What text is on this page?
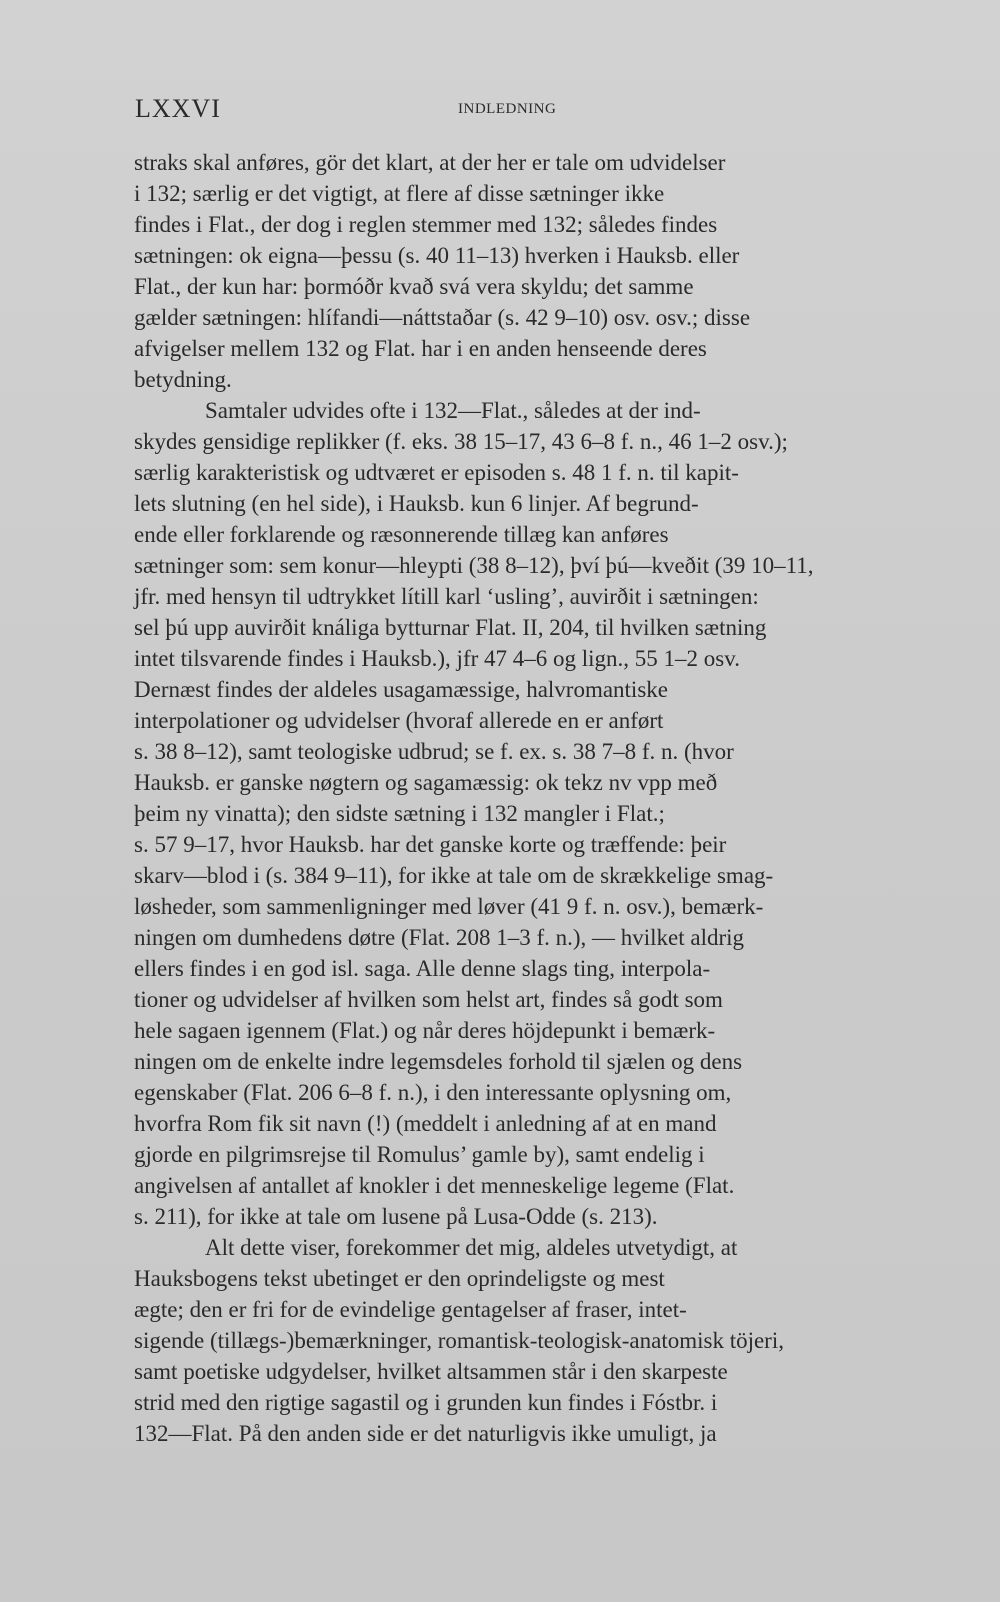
LXXVI	INDLEDNING
straks skal anføres, gör det klart, at der her er tale om udvidelser
i 132; særlig er det vigtigt, at flere af disse sætninger ikke
findes i Flat., der dog i reglen stemmer med 132; således findes
sætningen: ok eigna—þessu (s. 40 11–13) hverken i Hauksb. eller
Flat., der kun har: þormóðr kvað svá vera skyldu; det samme
gælder sætningen: hlífandi—náttstaðar (s. 42 9–10) osv. osv.; disse
afvigelser mellem 132 og Flat. har i en anden henseende deres
betydning.
Samtaler udvides ofte i 132—Flat., således at der ind-
skydes gensidige replikker (f. eks. 38 15–17, 43 6–8 f. n., 46 1–2 osv.);
særlig karakteristisk og udtværet er episoden s. 48 1 f. n. til kapit-
lets slutning (en hel side), i Hauksb. kun 6 linjer. Af begrund-
ende eller forklarende og ræsonnerende tillæg kan anføres
sætninger som: sem konur—hleypti (38 8–12), því þú—kveðit (39 10–11,
jfr. med hensyn til udtrykket lítill karl ‘usling’, auvirðit i sætningen:
sel þú upp auvirðit knáliga bytturnar Flat. II, 204, til hvilken sætning
intet tilsvarende findes i Hauksb.), jfr 47 4–6 og lign., 55 1–2 osv.
Dernæst findes der aldeles usagamæssige, halvromantiske
interpolationer og udvidelser (hvoraf allerede en er anført
s. 38 8–12), samt teologiske udbrud; se f. ex. s. 38 7–8 f. n. (hvor
Hauksb. er ganske nøgtern og sagamæssig: ok tekz nv vpp með
þeim ny vinatta); den sidste sætning i 132 mangler i Flat.;
s. 57 9–17, hvor Hauksb. har det ganske korte og træffende: þeir
skarv—blod i (s. 384 9–11), for ikke at tale om de skrækkelige smag-
løsheder, som sammenligninger med løver (41 9 f. n. osv.), bemærk-
ningen om dumhedens døtre (Flat. 208 1–3 f. n.), — hvilket aldrig
ellers findes i en god isl. saga. Alle denne slags ting, interpola-
tioner og udvidelser af hvilken som helst art, findes så godt som
hele sagaen igennem (Flat.) og når deres höjdepunkt i bemærk-
ningen om de enkelte indre legemsdeles forhold til sjælen og dens
egenskaber (Flat. 206 6–8 f. n.), i den interessante oplysning om,
hvorfra Rom fik sit navn (!) (meddelt i anledning af at en mand
gjorde en pilgrimsrejse til Romulus’ gamle by), samt endelig i
angivelsen af antallet af knokler i det menneskelige legeme (Flat.
s. 211), for ikke at tale om lusene på Lusa-Odde (s. 213).
Alt dette viser, forekommer det mig, aldeles utvetydigt, at
Hauksbogens tekst ubetinget er den oprindeligste og mest
ægte; den er fri for de evindelige gentagelser af fraser, intet-
sigende (tillægs-)bemærkninger, romantisk-teologisk-anatomisk töjeri,
samt poetiske udgydelser, hvilket altsammen står i den skarpeste
strid med den rigtige sagastil og i grunden kun findes i Fóstbr. i
132—Flat. På den anden side er det naturligvis ikke umuligt, ja
